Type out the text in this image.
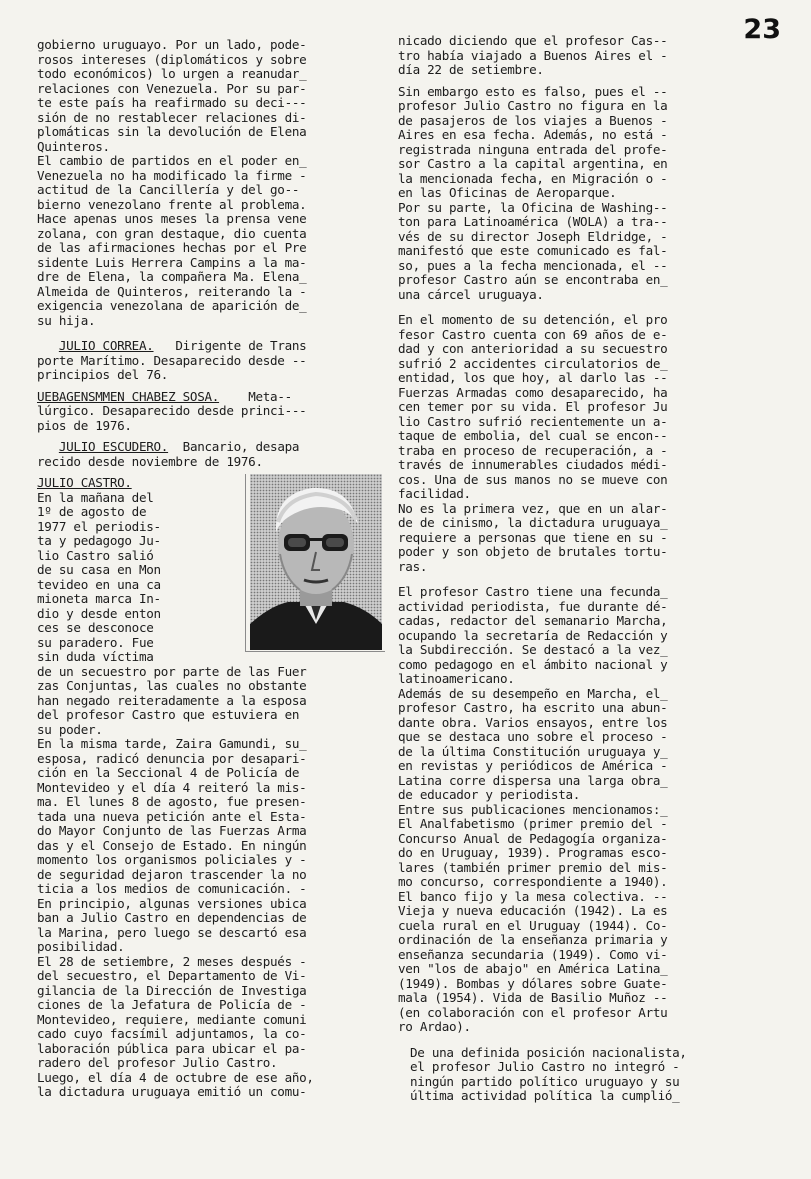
23
gobierno uruguayo. Por un lado, pode-
rosos intereses (diplomáticos y sobre
todo económicos) lo urgen a reanudar_
relaciones con Venezuela. Por su par-
te este país ha reafirmado su deci---
sión de no restablecer relaciones di-
plomáticas sin la devolución de Elena
Quinteros.
El cambio de partidos en el poder en_
Venezuela no ha modificado la firme -
actitud de la Cancillería y del go--
bierno venezolano frente al problema.
Hace apenas unos meses la prensa vene
zolana, con gran destaque, dio cuenta
de las afirmaciones hechas por el Pre
sidente Luis Herrera Campins a la ma-
dre de Elena, la compañera Ma. Elena_
Almeida de Quinteros, reiterando la -
exigencia venezolana de aparición de_
su hija.
JULIO CORREA. Dirigente de Trans
porte Marítimo. Desaparecido desde --
principios del 76.
UEBAGENSMMEN CHABEZ SOSA. Meta--
lúrgico. Desaparecido desde princi---
pios de 1976.
JULIO ESCUDERO. Bancario, desapa
recido desde noviembre de 1976.
JULIO CASTRO.
En la mañana del
1º de agosto de
1977 el periodis-
ta y pedagogo Ju-
lio Castro salió
de su casa en Mon
tevideo en una ca
mioneta marca In-
dio y desde enton
ces se desconoce
su paradero. Fue
sin duda víctima
de un secuestro por parte de las Fuer
zas Conjuntas, las cuales no obstante
han negado reiteradamente a la esposa
del profesor Castro que estuviera en
su poder.
En la misma tarde, Zaira Gamundi, su_
esposa, radicó denuncia por desapari-
ción en la Seccional 4 de Policía de
Montevideo y el día 4 reiteró la mis-
ma. El lunes 8 de agosto, fue presen-
tada una nueva petición ante el Esta-
do Mayor Conjunto de las Fuerzas Arma
das y el Consejo de Estado. En ningún
momento los organismos policiales y -
de seguridad dejaron trascender la no
ticia a los medios de comunicación. -
En principio, algunas versiones ubica
ban a Julio Castro en dependencias de
la Marina, pero luego se descartó esa
posibilidad.
El 28 de setiembre, 2 meses después -
del secuestro, el Departamento de Vi-
gilancia de la Dirección de Investiga
ciones de la Jefatura de Policía de -
Montevideo, requiere, mediante comuni
cado cuyo facsímil adjuntamos, la co-
laboración pública para ubicar el pa-
radero del profesor Julio Castro.
Luego, el día 4 de octubre de ese año,
la dictadura uruguaya emitió un comu-
nicado diciendo que el profesor Cas--
tro había viajado a Buenos Aires el -
día 22 de setiembre.
Sin embargo esto es falso, pues el --
profesor Julio Castro no figura en la
de pasajeros de los viajes a Buenos -
Aires en esa fecha. Además, no está -
registrada ninguna entrada del profe-
sor Castro a la capital argentina, en
la mencionada fecha, en Migración o -
en las Oficinas de Aeroparque.
Por su parte, la Oficina de Washing--
ton para Latinoamérica (WOLA) a tra--
vés de su director Joseph Eldridge, -
manifestó que este comunicado es fal-
so, pues a la fecha mencionada, el --
profesor Castro aún se encontraba en_
una cárcel uruguaya.
En el momento de su detención, el pro
fesor Castro cuenta con 69 años de e-
dad y con anterioridad a su secuestro
sufrió 2 accidentes circulatorios de_
entidad, los que hoy, al darlo las --
Fuerzas Armadas como desaparecido, ha
cen temer por su vida. El profesor Ju
lio Castro sufrió recientemente un a-
taque de embolia, del cual se encon--
traba en proceso de recuperación, a -
través de innumerables ciudados médi-
cos. Una de sus manos no se mueve con
facilidad.
No es la primera vez, que en un alar-
de de cinismo, la dictadura uruguaya_
requiere a personas que tiene en su -
poder y son objeto de brutales tortu-
ras.
El profesor Castro tiene una fecunda_
actividad periodista, fue durante dé-
cadas, redactor del semanario Marcha,
ocupando la secretaría de Redacción y
la Subdirección. Se destacó a la vez_
como pedagogo en el ámbito nacional y
latinoamericano.
Además de su desempeño en Marcha, el_
profesor Castro, ha escrito una abun-
dante obra. Varios ensayos, entre los
que se destaca uno sobre el proceso -
de la última Constitución uruguaya y_
en revistas y periódicos de América -
Latina corre dispersa una larga obra_
de educador y periodista.
Entre sus publicaciones mencionamos:_
El Analfabetismo (primer premio del -
Concurso Anual de Pedagogía organiza-
do en Uruguay, 1939). Programas esco-
lares (también primer premio del mis-
mo concurso, correspondiente a 1940).
El banco fijo y la mesa colectiva. --
Vieja y nueva educación (1942). La es
cuela rural en el Uruguay (1944). Co-
ordinación de la enseñanza primaria y
enseñanza secundaria (1949). Como vi-
ven "los de abajo" en América Latina_
(1949). Bombas y dólares sobre Guate-
mala (1954). Vida de Basilio Muñoz --
(en colaboración con el profesor Artu
ro Ardao).
De una definida posición nacionalista,
el profesor Julio Castro no integró -
ningún partido político uruguayo y su
última actividad política la cumplió_
